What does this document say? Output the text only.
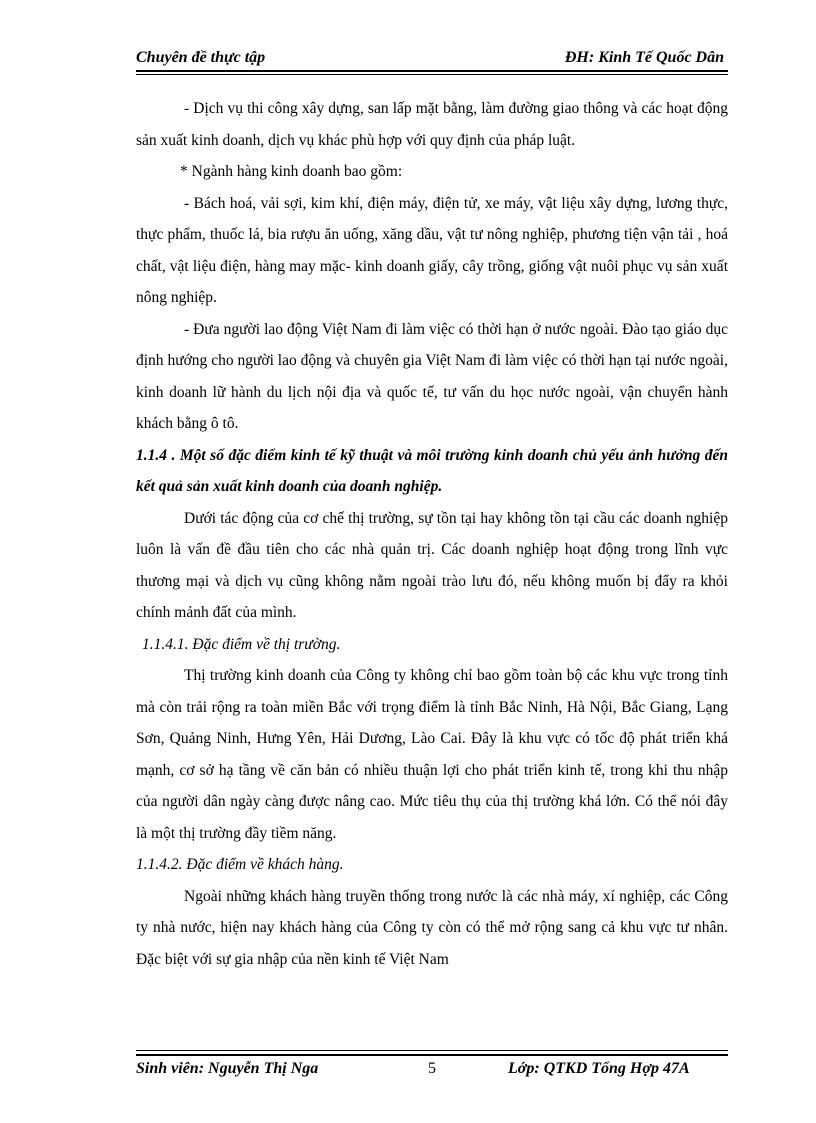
Chuyên đề thực tập	ĐH: Kinh Tế Quốc Dân

- Dịch vụ thi công xây dựng, san lấp mặt bằng, làm đường giao thông và các hoạt động sản xuất kinh doanh, dịch vụ khác phù hợp với quy định của pháp luật.

* Ngành hàng kinh doanh bao gồm:

- Bách hoá, vải sợi, kim khí, điện máy, điện tử, xe máy, vật liệu xây dựng, lương thực, thực phẩm, thuốc lá, bia rượu ăn uống, xăng dầu, vật tư nông nghiệp, phương tiện vận tải , hoá chất, vật liệu điện, hàng may mặc- kinh doanh giấy, cây trồng, giống vật nuôi phục vụ sản xuất nông nghiệp.

- Đưa người lao động Việt Nam đi làm việc có thời hạn ở nước ngoài. Đào tạo giáo dục định hướng cho người lao động và chuyên gia Việt Nam đi làm việc có thời hạn tại nước ngoài, kinh doanh lữ hành du lịch nội địa và quốc tế, tư vấn du học nước ngoài, vận chuyển hành khách bằng ô tô.

1.1.4 . Một số đặc điểm kinh tế kỹ thuật và môi trường kinh doanh chủ yếu ảnh hưởng đến kết quả sản xuất kinh doanh của doanh nghiệp.

Dưới tác động của cơ chế thị trường, sự tồn tại hay không tồn tại cầu các doanh nghiệp luôn là vấn đề đầu tiên cho các nhà quản trị. Các doanh nghiệp hoạt động trong lĩnh vực thương mại và dịch vụ cũng không nằm ngoài trào lưu đó, nếu không muốn bị đẩy ra khỏi chính mảnh đất của mình.

1.1.4.1. Đặc điểm về thị trường.

Thị trường kinh doanh của Công ty không chỉ bao gồm toàn bộ các khu vực trong tỉnh mà còn trải rộng ra toàn miền Bắc với trọng điểm là tỉnh Bắc Ninh, Hà Nội, Bắc Giang, Lạng Sơn, Quảng Ninh, Hưng Yên, Hải Dương, Lào Cai. Đây là khu vực có tốc độ phát triển khá mạnh, cơ sở hạ tầng về căn bản có nhiều thuận lợi cho phát triển kinh tế, trong khi thu nhập của người dân ngày càng được nâng cao. Mức tiêu thụ của thị trường khá lớn. Có thể nói đây là một thị trường đầy tiềm năng.

1.1.4.2. Đặc điểm về khách hàng.

Ngoài những khách hàng truyền thống trong nước là các nhà máy, xí nghiệp, các Công ty nhà nước, hiện nay khách hàng của Công ty còn có thể mở rộng sang cả khu vực tư nhân. Đặc biệt với sự gia nhập của nền kinh tế Việt Nam

Sinh viên: Nguyễn Thị Nga	5	Lớp: QTKD Tổng Hợp 47A
